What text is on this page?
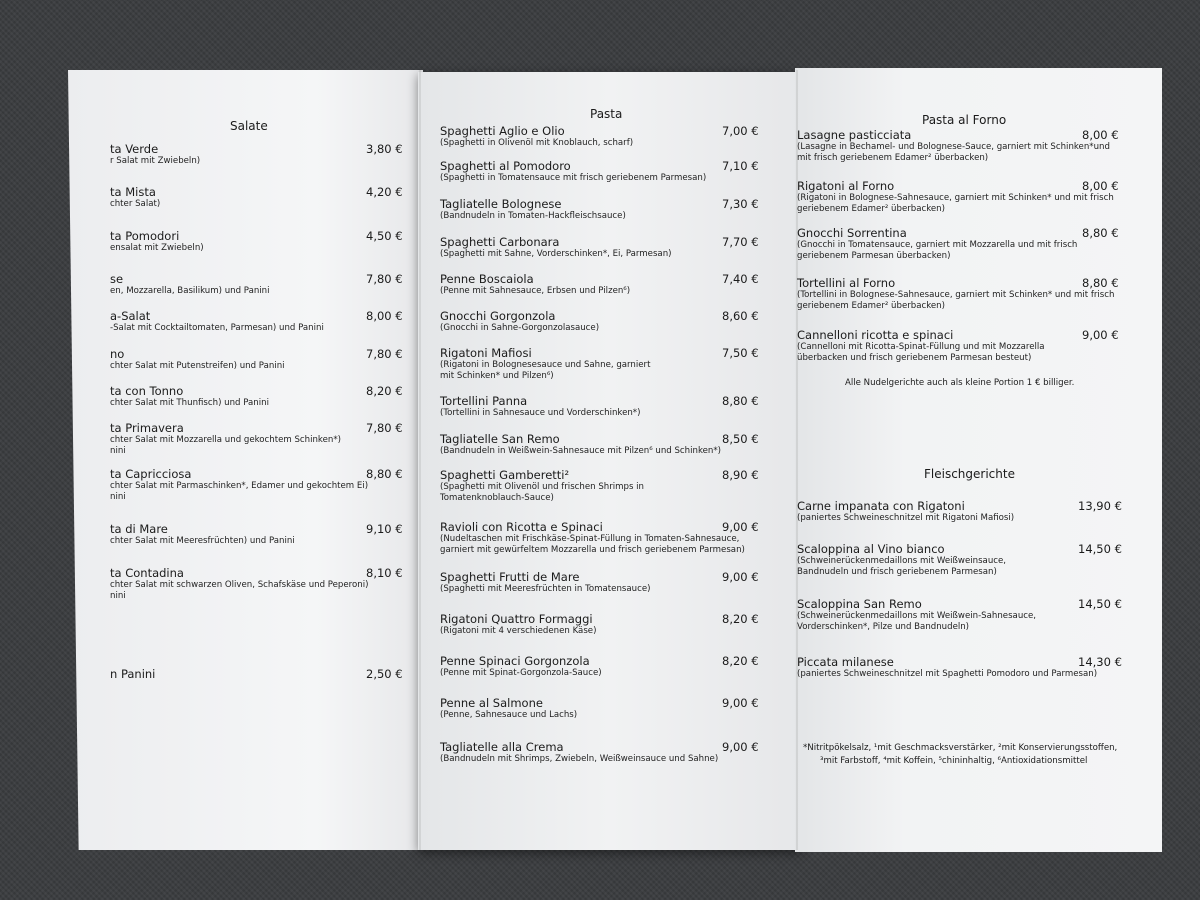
ta Verde
r Salat mit Zwiebeln)
3,80 €
ta Mista
chter Salat)
4,20 €
ta Pomodori
ensalat mit Zwiebeln)
4,50 €
se
en, Mozzarella, Basilikum) und Panini
7,80 €
a-Salat
-Salat mit Cocktailtomaten, Parmesan) und Panini
8,00 €
no
chter Salat mit Putenstreifen) und Panini
7,80 €
ta con Tonno
chter Salat mit Thunfisch) und Panini
8,20 €
ta Primavera
chter Salat mit Mozzarella und gekochtem Schinken*)
nini
7,80 €
ta Capricciosa
chter Salat mit Parmaschinken*, Edamer und gekochtem Ei)
nini
8,80 €
ta di Mare
chter Salat mit Meeresfrüchten) und Panini
9,10 €
ta Contadina
chter Salat mit schwarzen Oliven, Schafskäse und Peperoni)
nini
8,10 €
n Panini	2,50 €
Spaghetti Aglio e Olio
(Spaghetti in Olivenöl mit Knoblauch, scharf)
7,00 €
Spaghetti al Pomodoro
(Spaghetti in Tomatensauce mit frisch geriebenem Parmesan)
7,10 €
Tagliatelle Bolognese
(Bandnudeln in Tomaten-Hackfleischsauce)
7,30 €
Spaghetti Carbonara
(Spaghetti mit Sahne, Vorderschinken*, Ei, Parmesan)
7,70 €
Penne Boscaiola
(Penne mit Sahnesauce, Erbsen und Pilzen⁶)
7,40 €
Gnocchi Gorgonzola
(Gnocchi in Sahne-Gorgonzolasauce)
8,60 €
Rigatoni Mafiosi
(Rigatoni in Bolognesesauce und Sahne, garniert
mit Schinken* und Pilzen⁶)
7,50 €
Tortellini Panna
(Tortellini in Sahnesauce und Vorderschinken*)
8,80 €
Tagliatelle San Remo
(Bandnudeln in Weißwein-Sahnesauce mit Pilzen⁶ und Schinken*)
8,50 €
Spaghetti Gamberetti²
(Spaghetti mit Olivenöl und frischen Shrimps in
Tomatenknoblauch-Sauce)
8,90 €
Ravioli con Ricotta e Spinaci
(Nudeltaschen mit Frischkäse-Spinat-Füllung in Tomaten-Sahnesauce,
garniert mit gewürfeltem Mozzarella und frisch geriebenem Parmesan)
9,00 €
Spaghetti Frutti de Mare
(Spaghetti mit Meeresfrüchten in Tomatensauce)
9,00 €
Rigatoni Quattro Formaggi
(Rigatoni mit 4 verschiedenen Käse)
8,20 €
Penne Spinaci Gorgonzola
(Penne mit Spinat-Gorgonzola-Sauce)
8,20 €
Penne al Salmone
(Penne, Sahnesauce und Lachs)
9,00 €
Tagliatelle alla Crema
(Bandnudeln mit Shrimps, Zwiebeln, Weißweinsauce und Sahne)
9,00 €
Lasagne pasticciata
(Lasagne in Bechamel- und Bolognese-Sauce, garniert mit Schinken*und
mit frisch geriebenem Edamer² überbacken)
8,00 €
Rigatoni al Forno
(Rigatoni in Bolognese-Sahnesauce, garniert mit Schinken* und mit frisch
geriebenem Edamer² überbacken)
8,00 €
Gnocchi Sorrentina
(Gnocchi in Tomatensauce, garniert mit Mozzarella und mit frisch
geriebenem Parmesan überbacken)
8,80 €
Tortellini al Forno
(Tortellini in Bolognese-Sahnesauce, garniert mit Schinken* und mit frisch
geriebenem Edamer² überbacken)
8,80 €
Cannelloni ricotta e spinaci
(Cannelloni mit Ricotta-Spinat-Füllung und mit Mozzarella
überbacken und frisch geriebenem Parmesan besteut)
9,00 €
Carne impanata con Rigatoni
(paniertes Schweineschnitzel mit Rigatoni Mafiosi)
13,90 €
Scaloppina al Vino bianco
(Schweinerückenmedaillons mit Weißweinsauce,
Bandnudeln und frisch geriebenem Parmesan)
14,50 €
Scaloppina San Remo
(Schweinerückenmedaillons mit Weißwein-Sahnesauce,
Vorderschinken*, Pilze und Bandnudeln)
14,50 €
Piccata milanese
(paniertes Schweineschnitzel mit Spaghetti Pomodoro und Parmesan)
14,30 €
Salate
Pasta	Pasta al Forno
Fleischgerichte
Alle Nudelgerichte auch als kleine Portion 1 € billiger.
*Nitritpökelsalz, ¹mit Geschmacksverstärker, ²mit Konservierungsstoffen,
³mit Farbstoff, ⁴mit Koffein, ⁵chininhaltig, ⁶Antioxidationsmittel
